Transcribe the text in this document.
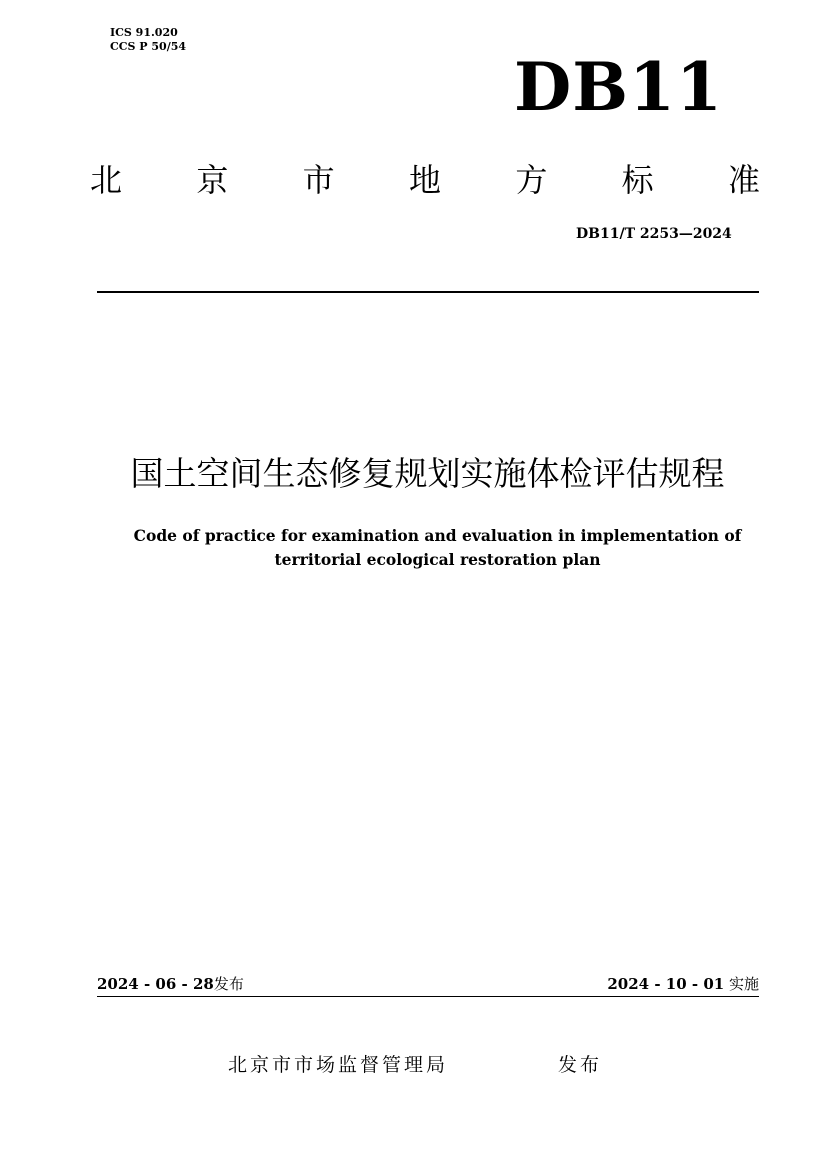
ICS 91.020
CCS P 50/54
DB11
北 京 市 地 方 标 准
DB11/T 2253—2024
国土空间生态修复规划实施体检评估规程
Code of practice for examination and evaluation in implementation of
territorial ecological restoration plan
2024 - 06 - 28发布	2024 - 10 - 01 实施
北京市市场监督管理局	发布
